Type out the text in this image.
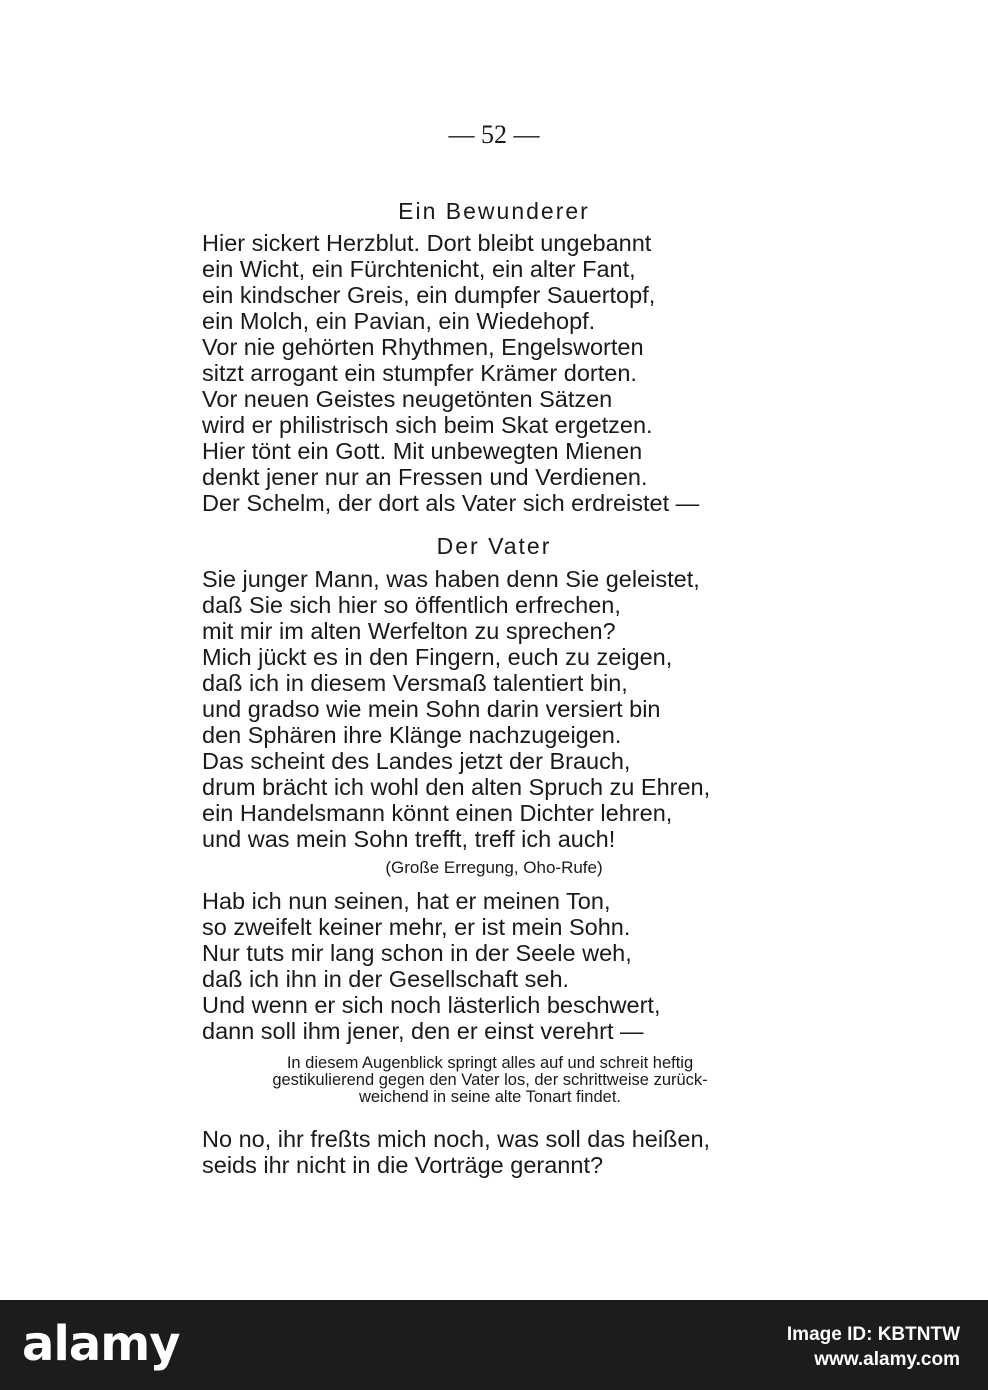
— 52 —
Ein Bewunderer
Hier sickert Herzblut. Dort bleibt ungebannt
ein Wicht, ein Fürchtenicht, ein alter Fant,
ein kindscher Greis, ein dumpfer Sauertopf,
ein Molch, ein Pavian, ein Wiedehopf.
Vor nie gehörten Rhythmen, Engelsworten
sitzt arrogant ein stumpfer Krämer dorten.
Vor neuen Geistes neugetönten Sätzen
wird er philistrisch sich beim Skat ergetzen.
Hier tönt ein Gott. Mit unbewegten Mienen
denkt jener nur an Fressen und Verdienen.
Der Schelm, der dort als Vater sich erdreistet —
Der Vater
Sie junger Mann, was haben denn Sie geleistet,
daß Sie sich hier so öffentlich erfrechen,
mit mir im alten Werfelton zu sprechen?
Mich jückt es in den Fingern, euch zu zeigen,
daß ich in diesem Versmaß talentiert bin,
und gradso wie mein Sohn darin versiert bin
den Sphären ihre Klänge nachzugeigen.
Das scheint des Landes jetzt der Brauch,
drum brächt ich wohl den alten Spruch zu Ehren,
ein Handelsmann könnt einen Dichter lehren,
und was mein Sohn trefft, treff ich auch!
(Große Erregung, Oho-Rufe)
Hab ich nun seinen, hat er meinen Ton,
so zweifelt keiner mehr, er ist mein Sohn.
Nur tuts mir lang schon in der Seele weh,
daß ich ihn in der Gesellschaft seh.
Und wenn er sich noch lästerlich beschwert,
dann soll ihm jener, den er einst verehrt —
In diesem Augenblick springt alles auf und schreit heftig
gestikulierend gegen den Vater los, der schrittweise zurück-
weichend in seine alte Tonart findet.
No no, ihr freßts mich noch, was soll das heißen,
seids ihr nicht in die Vorträge gerannt?
alamy	Image ID: KBTNTW
www.alamy.com
